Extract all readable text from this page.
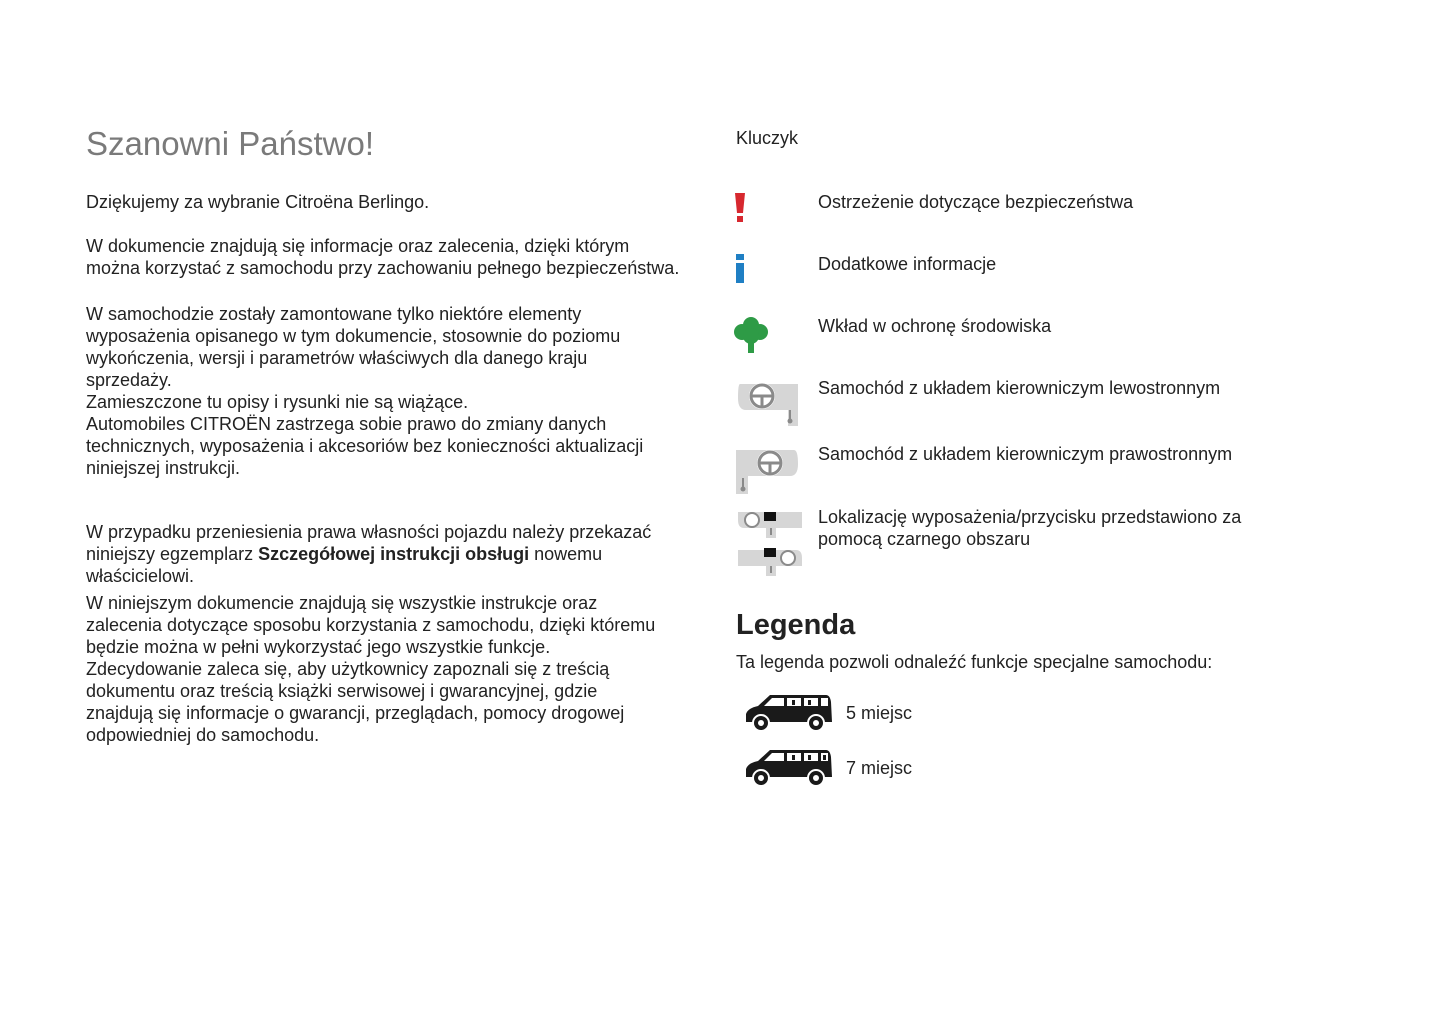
Szanowni Państwo!

Dziękujemy za wybranie Citroëna Berlingo.

W dokumencie znajdują się informacje oraz zalecenia, dzięki którym można korzystać z samochodu przy zachowaniu pełnego bezpieczeństwa.

W samochodzie zostały zamontowane tylko niektóre elementy wyposażenia opisanego w tym dokumencie, stosownie do poziomu wykończenia, wersji i parametrów właściwych dla danego kraju sprzedaży.

Zamieszczone tu opisy i rysunki nie są wiążące.

Automobiles CITROËN zastrzega sobie prawo do zmiany danych technicznych, wyposażenia i akcesoriów bez konieczności aktualizacji niniejszej instrukcji.

W przypadku przeniesienia prawa własności pojazdu należy przekazać niniejszy egzemplarz Szczegółowej instrukcji obsługi nowemu właścicielowi.

W niniejszym dokumencie znajdują się wszystkie instrukcje oraz zalecenia dotyczące sposobu korzystania z samochodu, dzięki któremu będzie można w pełni wykorzystać jego wszystkie funkcje. Zdecydowanie zaleca się, aby użytkownicy zapoznali się z treścią dokumentu oraz treścią książki serwisowej i gwarancyjnej, gdzie znajdują się informacje o gwarancji, przeglądach, pomocy drogowej odpowiedniej do samochodu.

Kluczyk
Ostrzeżenie dotyczące bezpieczeństwa
Dodatkowe informacje
Wkład w ochronę środowiska
Samochód z układem kierowniczym lewostronnym
Samochód z układem kierowniczym prawostronnym
Lokalizację wyposażenia/przycisku przedstawiono za pomocą czarnego obszaru
Legenda
Ta legenda pozwoli odnaleźć funkcje specjalne samochodu:
5 miejsc
7 miejsc
